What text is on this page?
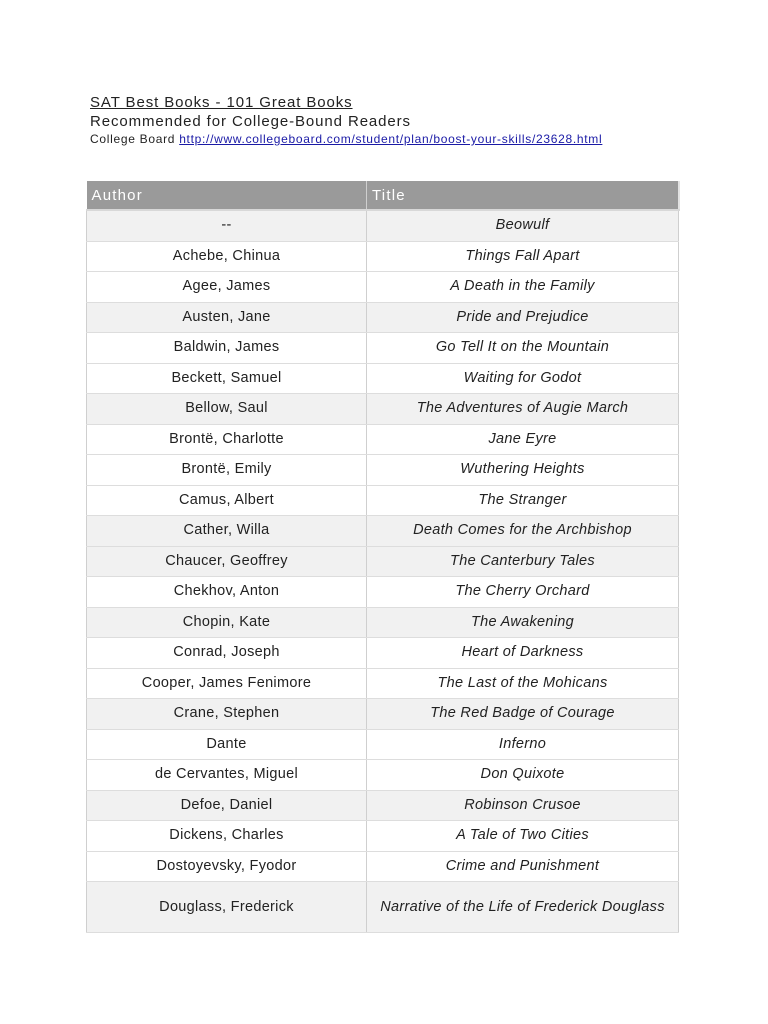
SAT Best Books - 101 Great Books
Recommended for College-Bound Readers
College Board http://www.collegeboard.com/student/plan/boost-your-skills/23628.html
Author	Title
--	Beowulf
Achebe, Chinua	Things Fall Apart
Agee, James	A Death in the Family
Austen, Jane	Pride and Prejudice
Baldwin, James	Go Tell It on the Mountain
Beckett, Samuel	Waiting for Godot
Bellow, Saul	The Adventures of Augie March
Brontë, Charlotte	Jane Eyre
Brontë, Emily	Wuthering Heights
Camus, Albert	The Stranger
Cather, Willa	Death Comes for the Archbishop
Chaucer, Geoffrey	The Canterbury Tales
Chekhov, Anton	The Cherry Orchard
Chopin, Kate	The Awakening
Conrad, Joseph	Heart of Darkness
Cooper, James Fenimore	The Last of the Mohicans
Crane, Stephen	The Red Badge of Courage
Dante	Inferno
de Cervantes, Miguel	Don Quixote
Defoe, Daniel	Robinson Crusoe
Dickens, Charles	A Tale of Two Cities
Dostoyevsky, Fyodor	Crime and Punishment
Douglass, Frederick	Narrative of the Life of Frederick Douglass
